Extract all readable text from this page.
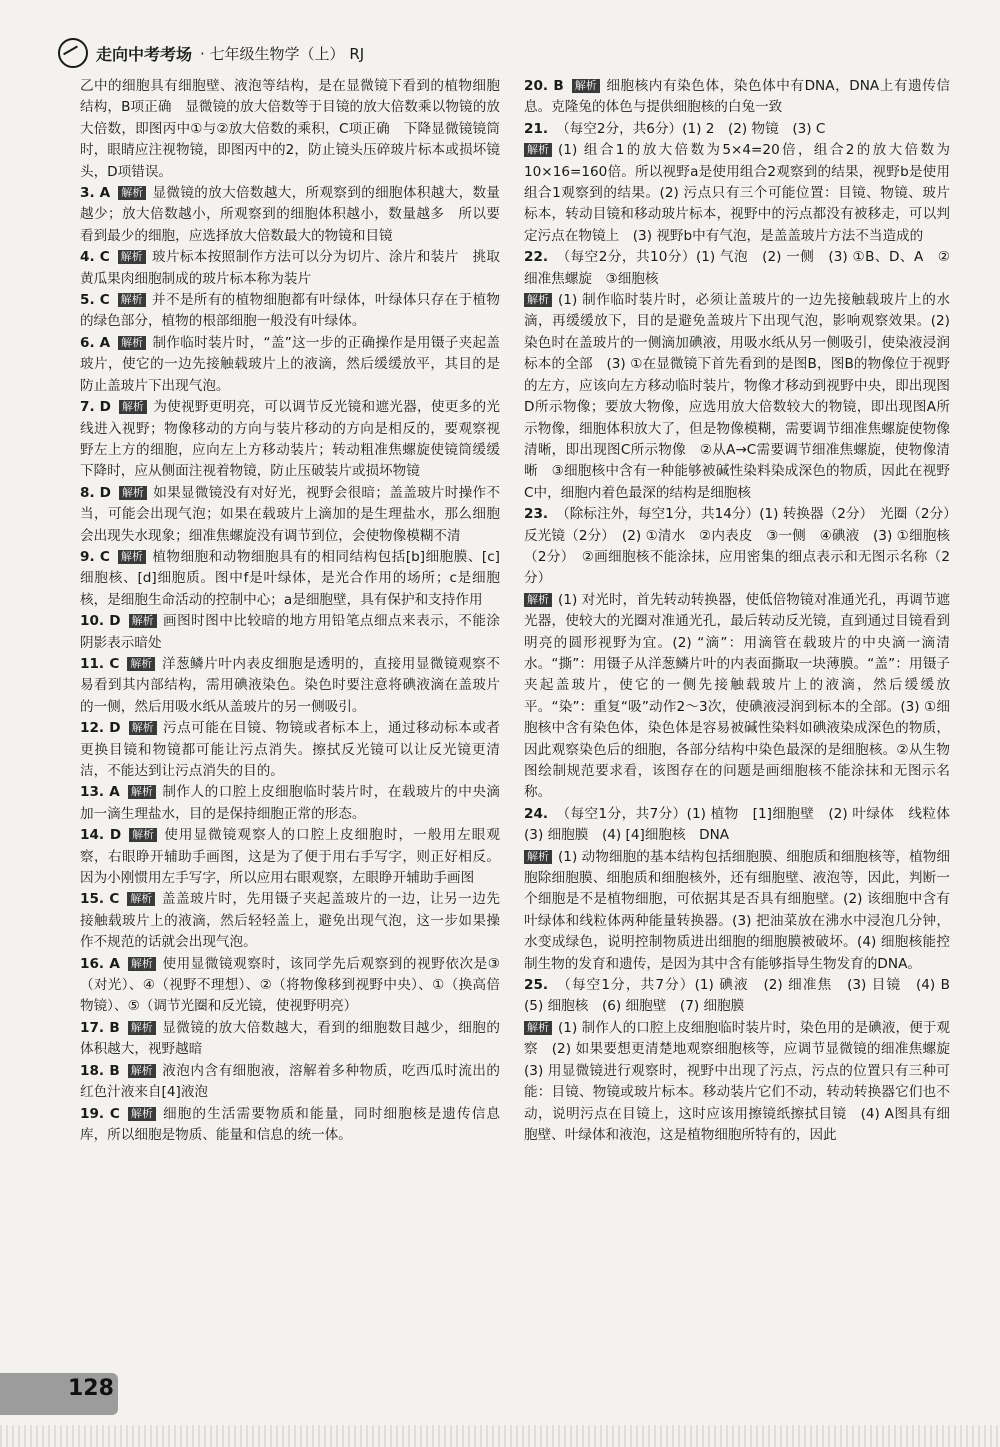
走向中考考场 · 七年级生物学（上） RJ

乙中的细胞具有细胞壁、液泡等结构，是在显微镜下看到的植物细胞结构，B项正确　显微镜的放大倍数等于目镜的放大倍数乘以物镜的放大倍数，即图丙中①与②放大倍数的乘积，C项正确　下降显微镜镜筒时，眼睛应注视物镜，即图丙中的2，防止镜头压碎玻片标本或损坏镜头，D项错误。

3. A 解析 显微镜的放大倍数越大，所观察到的细胞体积越大，数量越少；放大倍数越小，所观察到的细胞体积越小，数量越多　所以要看到最少的细胞，应选择放大倍数最大的物镜和目镜

4. C 解析 玻片标本按照制作方法可以分为切片、涂片和装片　挑取黄瓜果肉细胞制成的玻片标本称为装片

5. C 解析 并不是所有的植物细胞都有叶绿体，叶绿体只存在于植物的绿色部分，植物的根部细胞一般没有叶绿体。

6. A 解析 制作临时装片时，“盖”这一步的正确操作是用镊子夹起盖玻片，使它的一边先接触载玻片上的液滴，然后缓缓放平，其目的是防止盖玻片下出现气泡。

7. D 解析 为使视野更明亮，可以调节反光镜和遮光器，使更多的光线进入视野；物像移动的方向与装片移动的方向是相反的，要观察视野左上方的细胞，应向左上方移动装片；转动粗准焦螺旋使镜筒缓缓下降时，应从侧面注视着物镜，防止压破装片或损坏物镜

8. D 解析 如果显微镜没有对好光，视野会很暗；盖盖玻片时操作不当，可能会出现气泡；如果在载玻片上滴加的是生理盐水，那么细胞会出现失水现象；细准焦螺旋没有调节到位，会使物像模糊不清

9. C 解析 植物细胞和动物细胞具有的相同结构包括[b]细胞膜、[c]细胞核、[d]细胞质。图中f是叶绿体，是光合作用的场所；c是细胞核，是细胞生命活动的控制中心；a是细胞壁，具有保护和支持作用

10. D 解析 画图时图中比较暗的地方用铅笔点细点来表示，不能涂阴影表示暗处

11. C 解析 洋葱鳞片叶内表皮细胞是透明的，直接用显微镜观察不易看到其内部结构，需用碘液染色。染色时要注意将碘液滴在盖玻片的一侧，然后用吸水纸从盖玻片的另一侧吸引。

12. D 解析 污点可能在目镜、物镜或者标本上，通过移动标本或者更换目镜和物镜都可能让污点消失。擦拭反光镜可以让反光镜更清洁，不能达到让污点消失的目的。

13. A 解析 制作人的口腔上皮细胞临时装片时，在载玻片的中央滴加一滴生理盐水，目的是保持细胞正常的形态。

14. D 解析 使用显微镜观察人的口腔上皮细胞时，一般用左眼观察，右眼睁开辅助手画图，这是为了便于用右手写字，则正好相反。因为小刚惯用左手写字，所以应用右眼观察，左眼睁开辅助手画图

15. C 解析 盖盖玻片时，先用镊子夹起盖玻片的一边，让另一边先接触载玻片上的液滴，然后轻轻盖上，避免出现气泡，这一步如果操作不规范的话就会出现气泡。

16. A 解析 使用显微镜观察时，该同学先后观察到的视野依次是③（对光）、④（视野不理想）、②（将物像移到视野中央）、①（换高倍物镜）、⑤（调节光圈和反光镜，使视野明亮）

17. B 解析 显微镜的放大倍数越大，看到的细胞数目越少，细胞的体积越大，视野越暗

18. B 解析 液泡内含有细胞液，溶解着多种物质，吃西瓜时流出的红色汁液来自[4]液泡

19. C 解析 细胞的生活需要物质和能量，同时细胞核是遗传信息库，所以细胞是物质、能量和信息的统一体。

20. B 解析 细胞核内有染色体，染色体中有DNA，DNA上有遗传信息。克隆兔的体色与提供细胞核的白兔一致

21. （每空2分，共6分）(1) 2　(2) 物镜　(3) C

解析 (1) 组合1的放大倍数为5×4=20倍，组合2的放大倍数为10×16=160倍。所以视野a是使用组合2观察到的结果，视野b是使用组合1观察到的结果。(2) 污点只有三个可能位置：目镜、物镜、玻片标本，转动目镜和移动玻片标本，视野中的污点都没有被移走，可以判定污点在物镜上　(3) 视野b中有气泡，是盖盖玻片方法不当造成的

22. （每空2分，共10分）(1) 气泡　(2) 一侧　(3) ①B、D、A　②细准焦螺旋　③细胞核

解析 (1) 制作临时装片时，必须让盖玻片的一边先接触载玻片上的水滴，再缓缓放下，目的是避免盖玻片下出现气泡，影响观察效果。(2) 染色时在盖玻片的一侧滴加碘液，用吸水纸从另一侧吸引，使染液浸润标本的全部　(3) ①在显微镜下首先看到的是图B，图B的物像位于视野的左方，应该向左方移动临时装片，物像才移动到视野中央，即出现图D所示物像；要放大物像，应选用放大倍数较大的物镜，即出现图A所示物像，细胞体积放大了，但是物像模糊，需要调节细准焦螺旋使物像清晰，即出现图C所示物像　②从A→C需要调节细准焦螺旋，使物像清晰　③细胞核中含有一种能够被碱性染料染成深色的物质，因此在视野C中，细胞内着色最深的结构是细胞核

23. （除标注外，每空1分，共14分）(1) 转换器（2分）　光圈（2分）　反光镜（2分）　(2) ①清水　②内表皮　③一侧　④碘液　(3) ①细胞核（2分）　②画细胞核不能涂抹，应用密集的细点表示和无图示名称（2分）

解析 (1) 对光时，首先转动转换器，使低倍物镜对准通光孔，再调节遮光器，使较大的光圈对准通光孔，最后转动反光镜，直到通过目镜看到明亮的圆形视野为宜。(2) “滴”：用滴管在载玻片的中央滴一滴清水。“撕”：用镊子从洋葱鳞片叶的内表面撕取一块薄膜。“盖”：用镊子夹起盖玻片，使它的一侧先接触载玻片上的液滴，然后缓缓放平。“染”：重复“吸”动作2～3次，使碘液浸润到标本的全部。(3) ①细胞核中含有染色体，染色体是容易被碱性染料如碘液染成深色的物质，因此观察染色后的细胞，各部分结构中染色最深的是细胞核。②从生物图绘制规范要求看，该图存在的问题是画细胞核不能涂抹和无图示名称。

24. （每空1分，共7分）(1) 植物　[1]细胞壁　(2) 叶绿体　线粒体　(3) 细胞膜　(4) [4]细胞核　DNA

解析 (1) 动物细胞的基本结构包括细胞膜、细胞质和细胞核等，植物细胞除细胞膜、细胞质和细胞核外，还有细胞壁、液泡等，因此，判断一个细胞是不是植物细胞，可依据其是否具有细胞壁。(2) 该细胞中含有叶绿体和线粒体两种能量转换器。(3) 把油菜放在沸水中浸泡几分钟，水变成绿色，说明控制物质进出细胞的细胞膜被破坏。(4) 细胞核能控制生物的发育和遗传，是因为其中含有能够指导生物发育的DNA。

25. （每空1分，共7分）(1) 碘液　(2) 细准焦　(3) 目镜　(4) B　(5) 细胞核　(6) 细胞壁　(7) 细胞膜

解析 (1) 制作人的口腔上皮细胞临时装片时，染色用的是碘液，便于观察　(2) 如果要想更清楚地观察细胞核等，应调节显微镜的细准焦螺旋　(3) 用显微镜进行观察时，视野中出现了污点，污点的位置只有三种可能：目镜、物镜或玻片标本。移动装片它们不动，转动转换器它们也不动，说明污点在目镜上，这时应该用擦镜纸擦拭目镜　(4) A图具有细胞壁、叶绿体和液泡，这是植物细胞所特有的，因此

128
